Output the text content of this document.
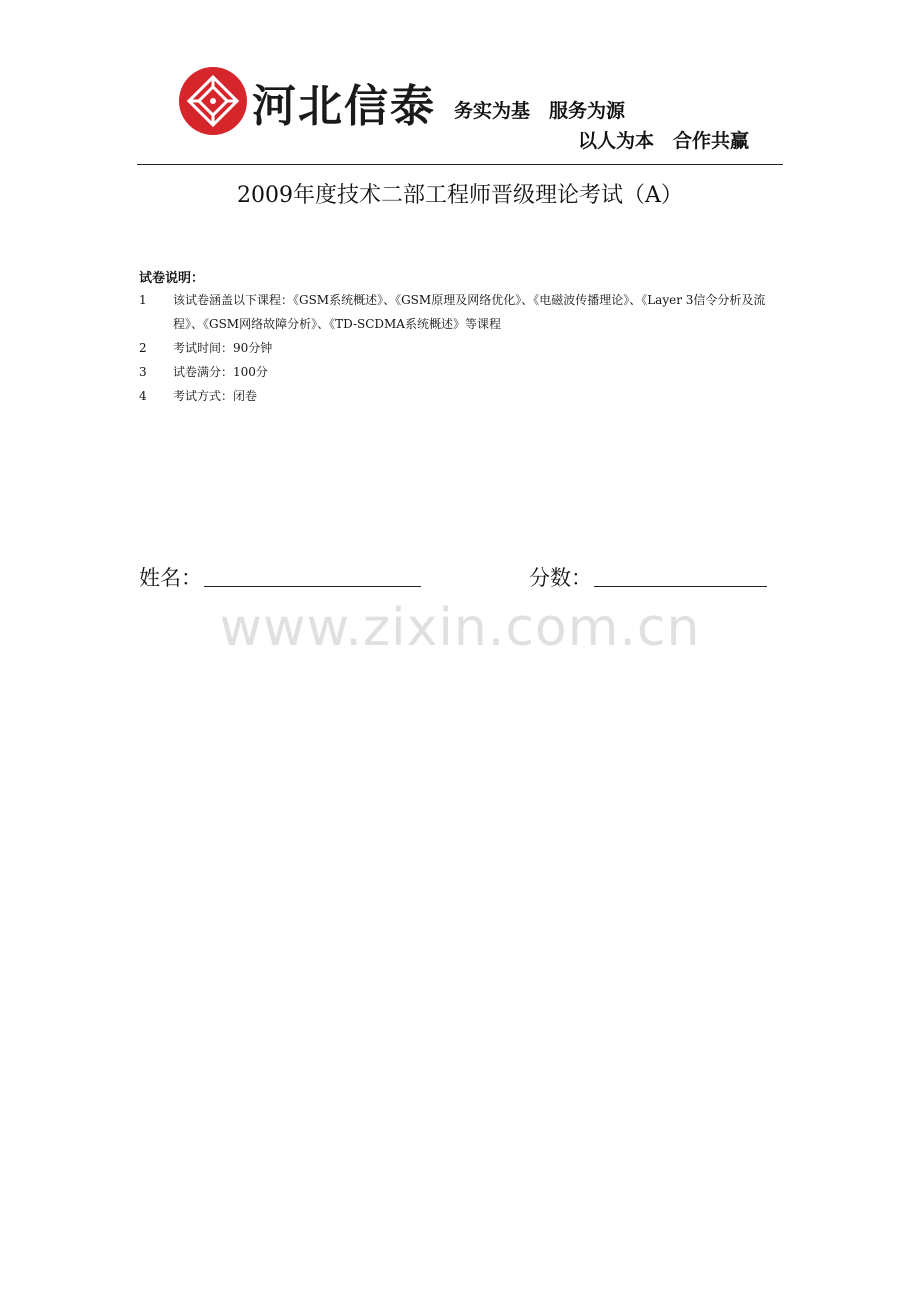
河北信泰 务实为基　服务为源
以人为本　合作共赢
2009年度技术二部工程师晋级理论考试（A）
试卷说明：
1 该试卷涵盖以下课程：《GSM系统概述》、《GSM原理及网络优化》、《电磁波传播理论》、《Layer 3信令分析及流程》、《GSM网络故障分析》、《TD-SCDMA系统概述》等课程
2 考试时间：90分钟
3 试卷满分：100分
4 考试方式：闭卷
姓名：	分数：
www.zixin.com.cn
